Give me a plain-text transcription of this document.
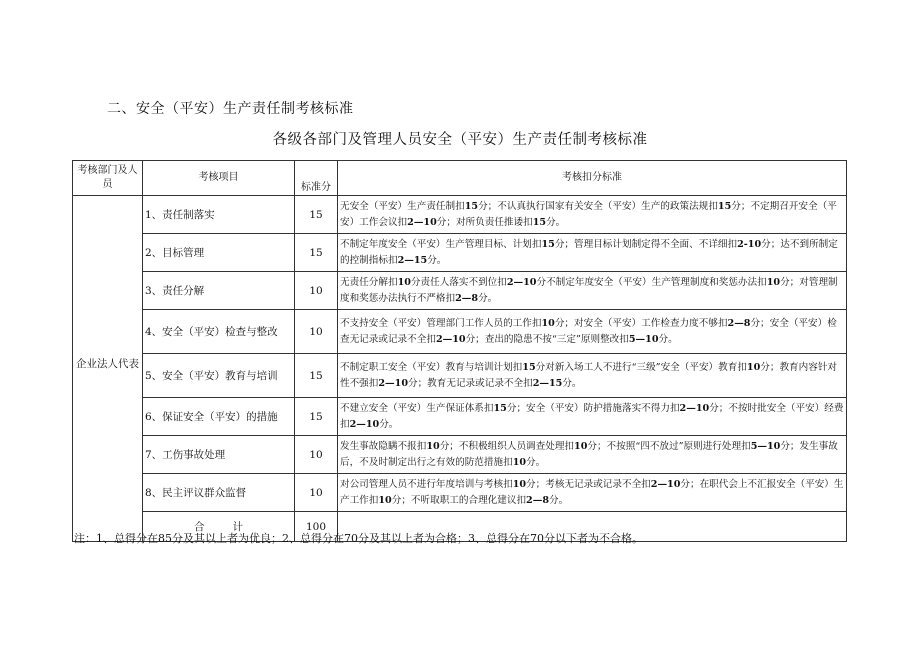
二、安全（平安）生产责任制考核标准
各级各部门及管理人员安全（平安）生产责任制考核标准
考核部门及人员	考核项目	标准分	考核扣分标准
企业法人代表	1、责任制落实	15	无安全（平安）生产责任制扣15分；不认真执行国家有关安全（平安）生产的政策法规扣15分；不定期召开安全（平安）工作会议扣2—10分；对所负责任推诿扣15分。
	2、目标管理	15	不制定年度安全（平安）生产管理目标、计划扣15分；管理目标计划制定得不全面、不详细扣2-10分；达不到所制定的控制指标扣2—15分。
	3、责任分解	10	无责任分解扣10分责任人落实不到位扣2—10分不制定年度安全（平安）生产管理制度和奖惩办法扣10分；对管理制度和奖惩办法执行不严格扣2—8分。
	4、安全（平安）检查与整改	10	不支持安全（平安）管理部门工作人员的工作扣10分；对安全（平安）工作检查力度不够扣2—8分；安全（平安）检查无记录或记录不全扣2—10分；查出的隐患不按“三定”原则整改扣5—10分。
	5、安全（平安）教育与培训	15	不制定职工安全（平安）教育与培训计划扣15分对新入场工人不进行“三级”安全（平安）教育扣10分；教育内容针对性不强扣2—10分；教育无记录或记录不全扣2—15分。
	6、保证安全（平安）的措施	15	不建立安全（平安）生产保证体系扣15分；安全（平安）防护措施落实不得力扣2—10分；不按时批安全（平安）经费扣2—10分。
	7、工伤事故处理	10	发生事故隐瞒不报扣10分；不积极组织人员调查处理扣10分；不按照“四不放过”原则进行处理扣5—10分；发生事故后，不及时制定出行之有效的防范措施扣10分。
	8、民主评议群众监督	10	对公司管理人员不进行年度培训与考核扣10分；考核无记录或记录不全扣2—10分；在职代会上不汇报安全（平安）生产工作扣10分；不听取职工的合理化建议扣2—8分。
	合计	100	
注：1、总得分在85分及其以上者为优良；2、总得分在70分及其以上者为合格；3、总得分在70分以下者为不合格。
